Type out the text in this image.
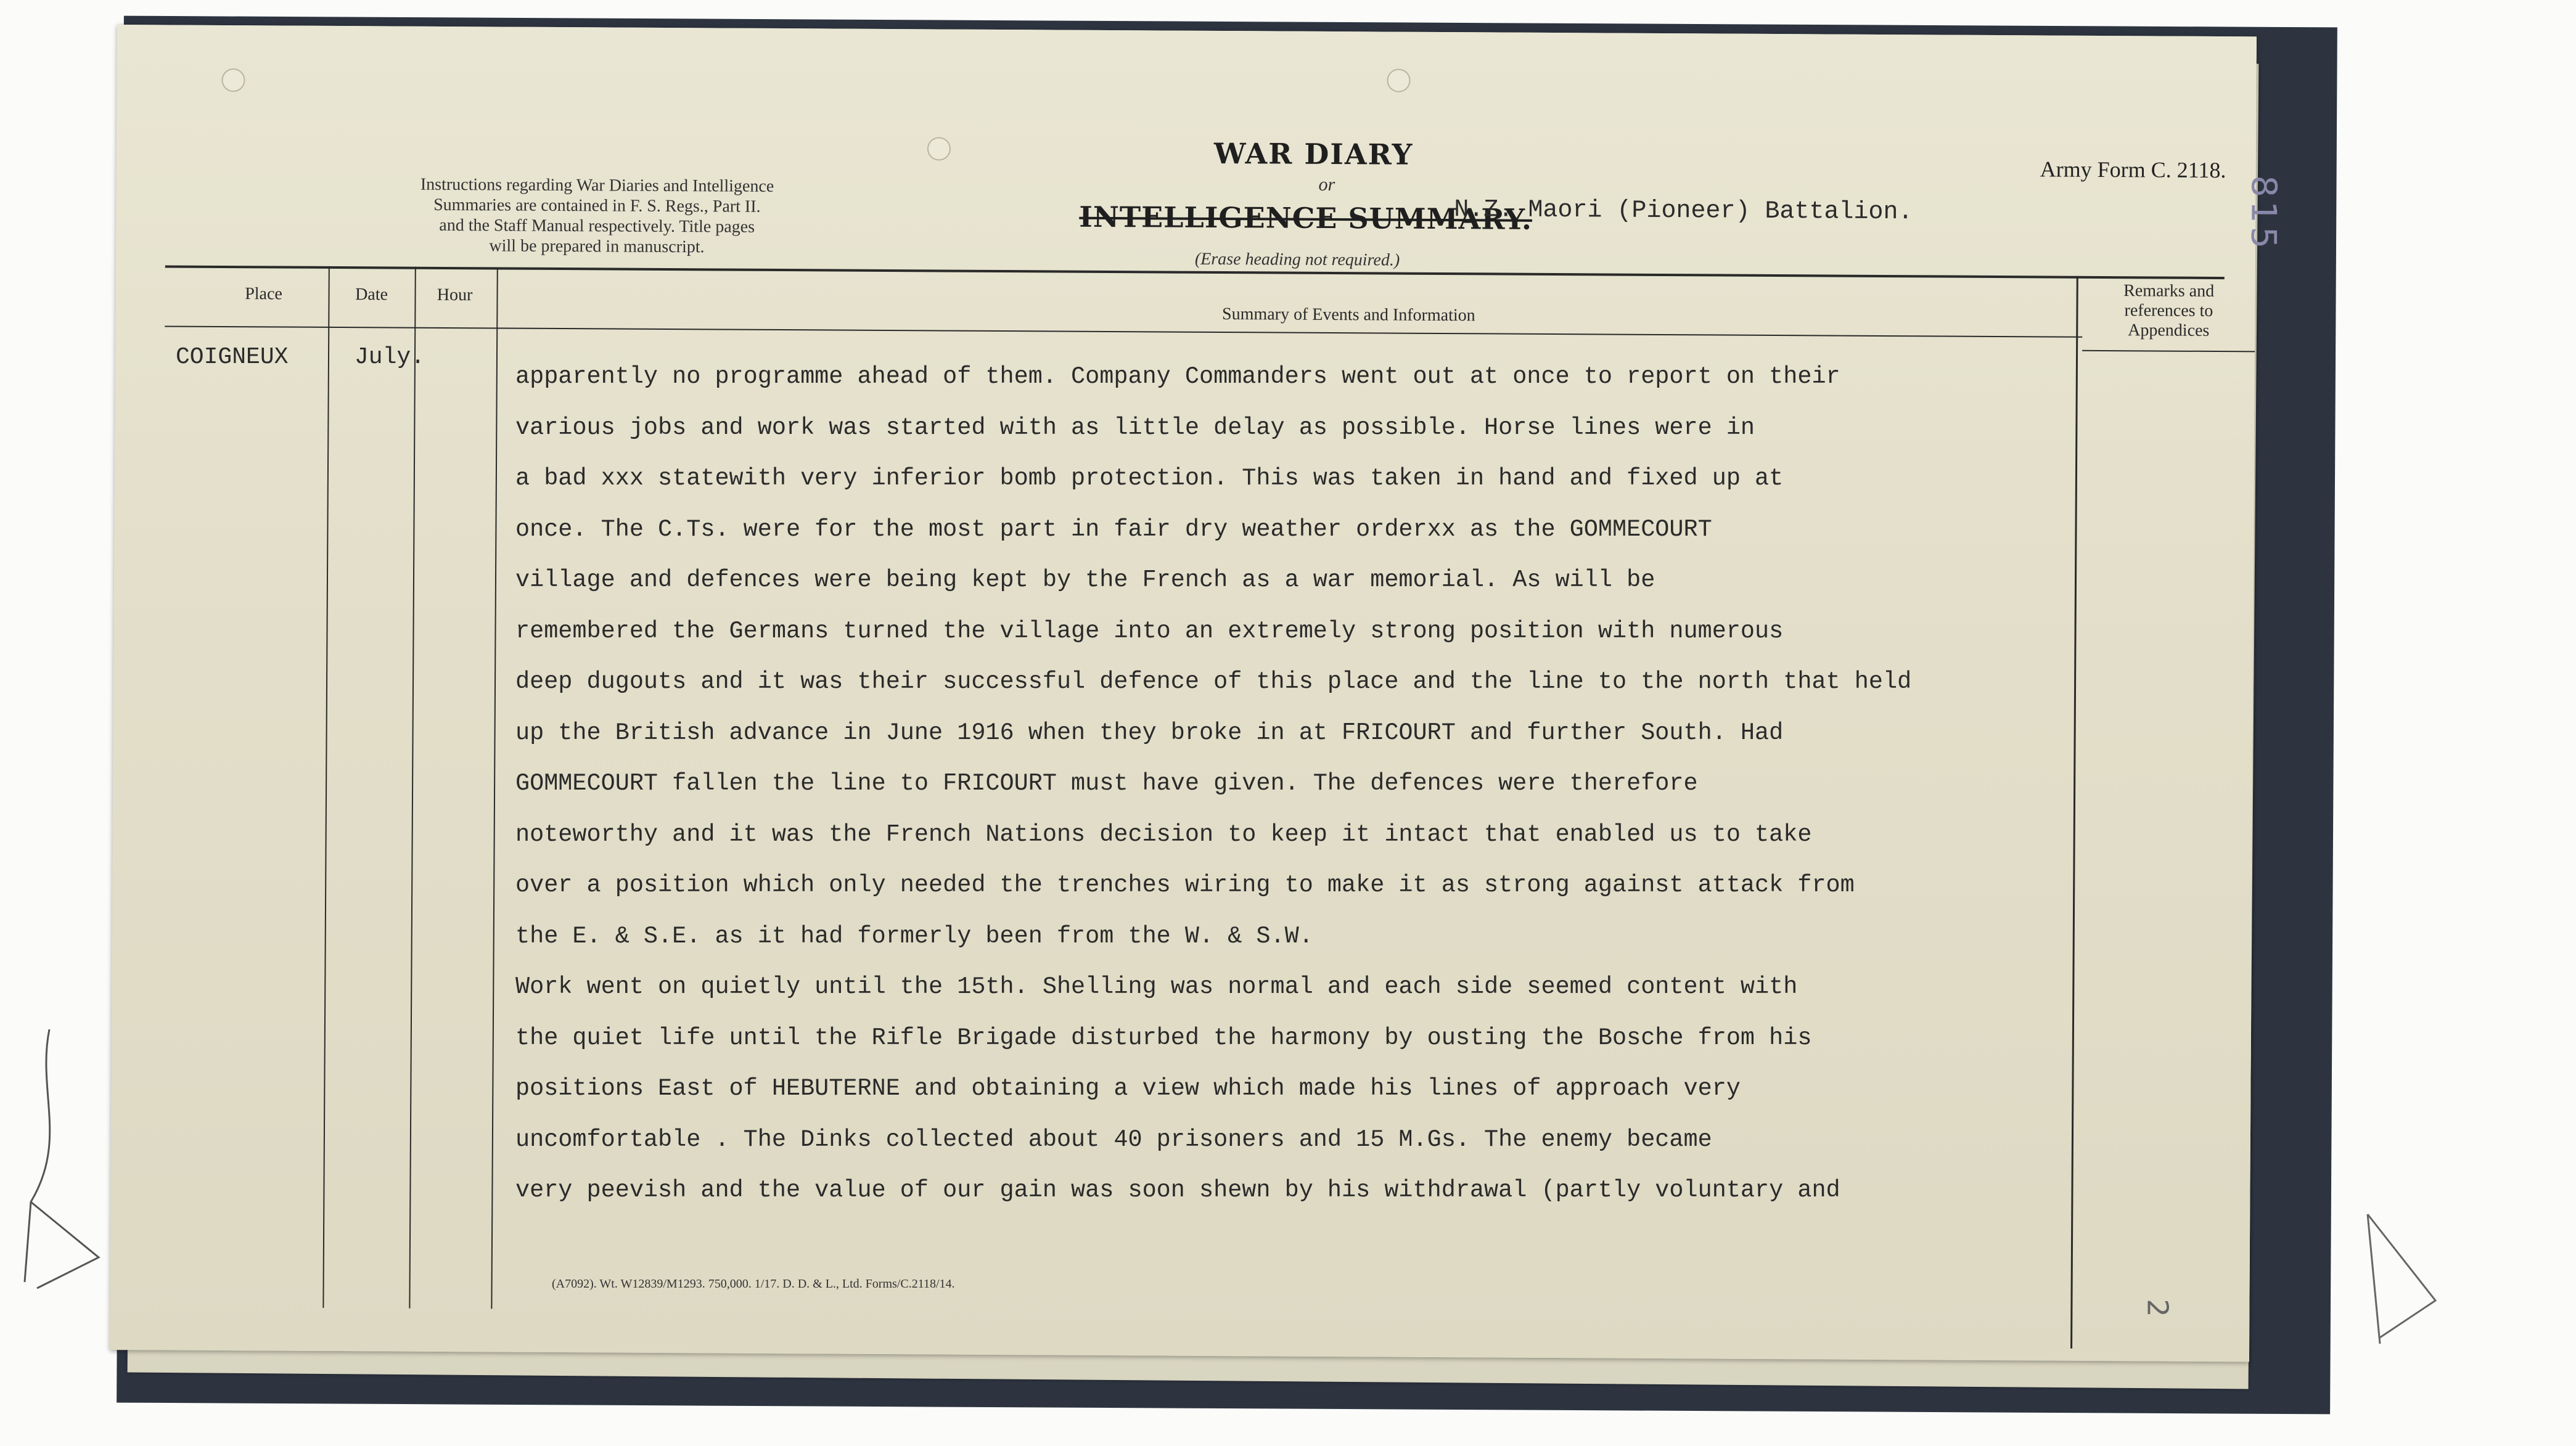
Instructions regarding War Diaries and Intelligence
Summaries are contained in F. S. Regs., Part II.
and the Staff Manual respectively. Title pages
will be prepared in manuscript.
WAR DIARY
or
INTELLIGENCE SUMMARY.
(Erase heading not required.)
N.Z. Maori (Pioneer) Battalion.
Army Form C. 2118.
815
Place	Date	Hour
Summary of Events and Information
Remarks and
references to
Appendices
COIGNEUX	July.
apparently no programme ahead of them. Company Commanders went out at once to report on their
various jobs and work was started with as little delay as possible. Horse lines were in
a bad xxx statewith very inferior bomb protection. This was taken in hand and fixed up at
once. The C.Ts. were for the most part in fair dry weather orderxx as the GOMMECOURT
village and defences were being kept by the French as a war memorial. As will be
remembered the Germans turned the village into an extremely strong position with numerous
deep dugouts and it was their successful defence of this place and the line to the north that held
up the British advance in June 1916 when they broke in at FRICOURT and further South. Had
GOMMECOURT fallen the line to FRICOURT must have given. The defences were therefore
noteworthy and it was the French Nations decision to keep it intact that enabled us to take
over a position which only needed the trenches wiring to make it as strong against attack from
the E. & S.E. as it had formerly been from the W. & S.W.
Work went on quietly until the 15th. Shelling was normal and each side seemed content with
the quiet life until the Rifle Brigade disturbed the harmony by ousting the Bosche from his
positions East of HEBUTERNE and obtaining a view which made his lines of approach very
uncomfortable . The Dinks collected about 40 prisoners and 15 M.Gs. The enemy became
very peevish and the value of our gain was soon shewn by his withdrawal (partly voluntary and
(A7092). Wt. W12839/M1293. 750,000. 1/17. D. D. & L., Ltd. Forms/C.2118/14.
2
